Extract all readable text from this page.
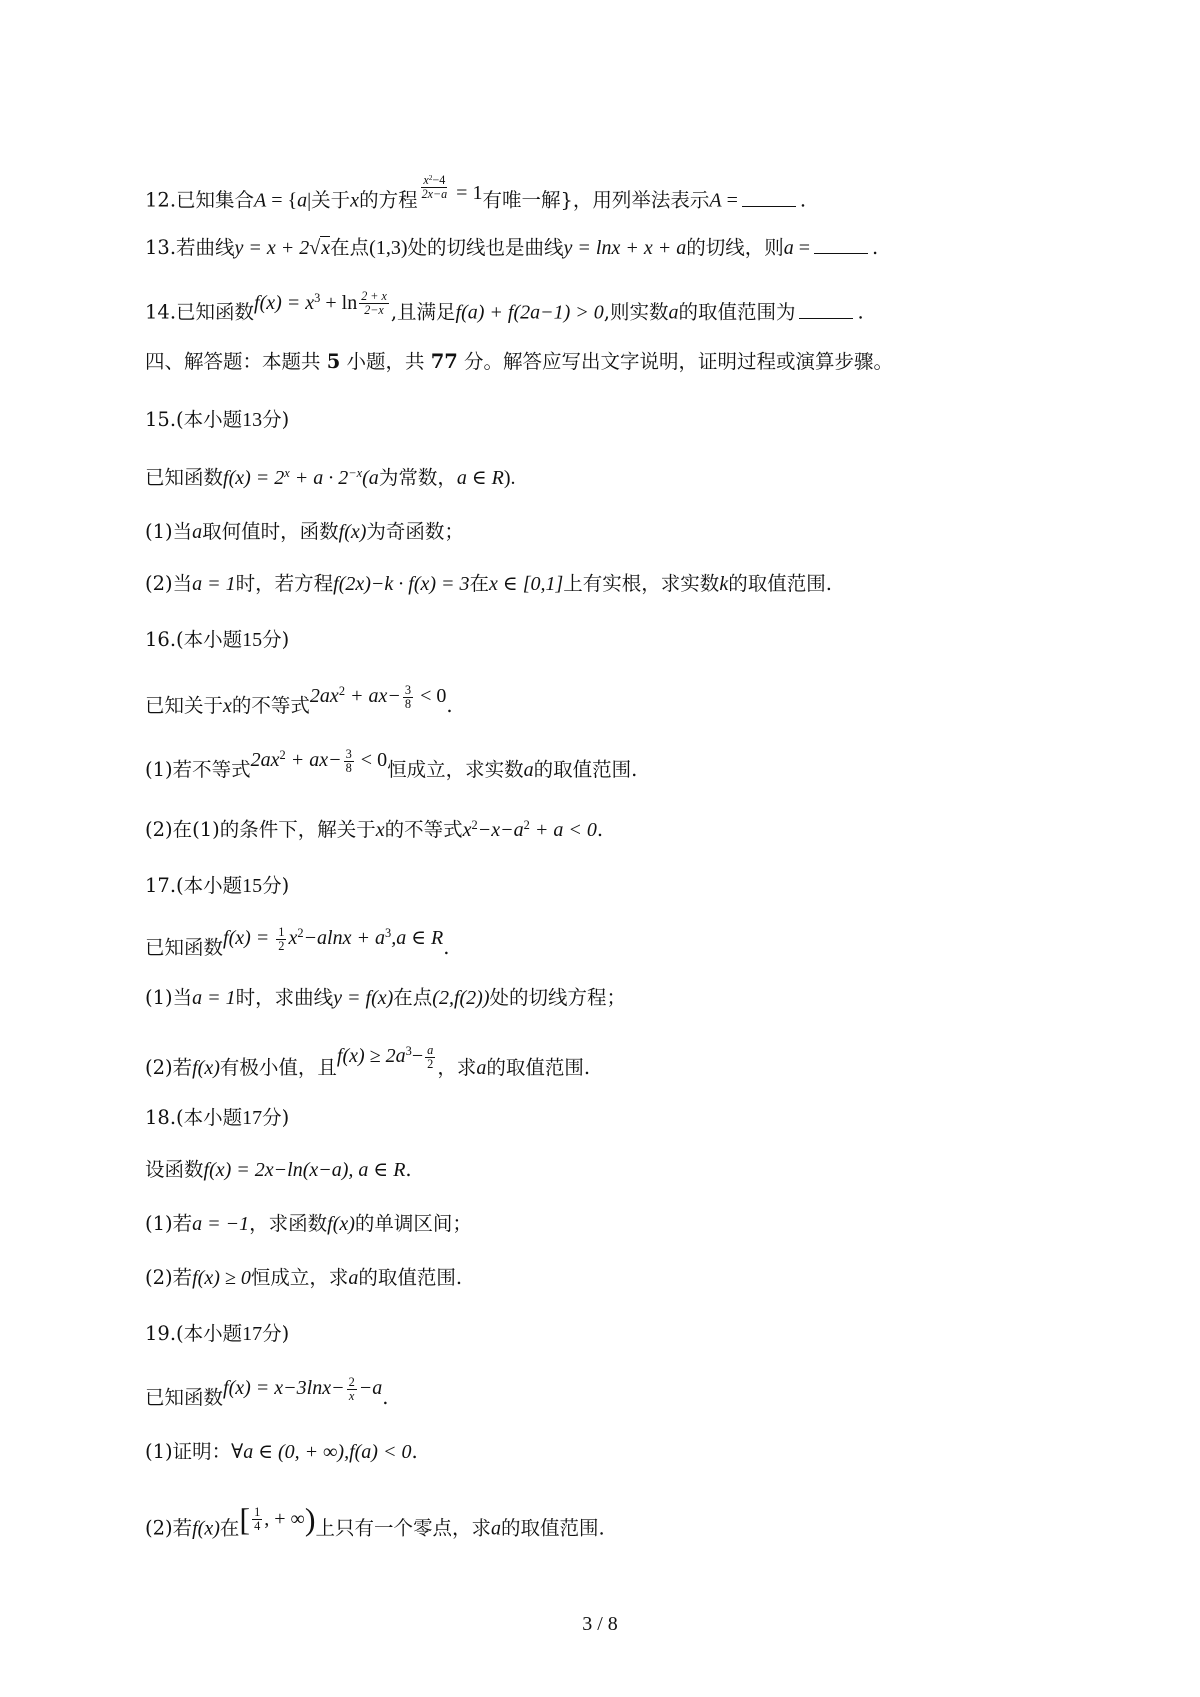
12.已知集合A = {a|关于x的方程 $\frac{x^2-4}{2x-a} = 1$有唯一解}，用列举法表示A =	.
13.若曲线y = x + 2√x在点(1,3)处的切线也是曲线y = lnx + x + a的切线，则a =	.
14.已知函数$f(x) = x^3 + \ln \frac{2 + x}{2-x}$ ,且满足f(a) + f(2a−1) > 0,则实数a的取值范围为	.
四、解答题：本题共 5 小题，共 77 分。解答应写出文字说明，证明过程或演算步骤。
15.(本小题13分)
已知函数$f(x) = 2^x + a \cdot 2^{-x}(a$为常数，a ∈ R).
(1)当a取何值时，函数f(x)为奇函数；
(2)当a = 1时，若方程f(2x)−k · f(x) = 3在x ∈ [0,1]上有实根，求实数k的取值范围.
16.(本小题15分)
已知关于x的不等式$2ax^2 + ax- \frac{3}{8} < 0$.
(1)若不等式$2ax^2 + ax- \frac{3}{8} < 0$恒成立，求实数a的取值范围.
(2)在(1)的条件下，解关于x的不等式$x^2-x-a^2 + a < 0$.
17.(本小题15分)
已知函数$f(x) = \frac{1}{2} x^2-alnx + a^3,a$ ∈ R.
(1)当a = 1时，求曲线y = f(x)在点(2,f(2))处的切线方程；
(2)若f(x)有极小值，且$f(x) \ge 2a^3- \frac{a}{2}$ ，求a的取值范围.
18.(本小题17分)
设函数f(x) = 2x−ln(x−a), a ∈ R.
(1)若a = −1，求函数f(x)的单调区间；
(2)若f(x) ≥ 0恒成立，求a的取值范围.
19.(本小题17分)
已知函数$f(x) = x-3\ln x- \frac{2}{x} -a$.
(1)证明：∀a ∈ (0, + ∞),f(a) < 0.
(2)若f(x)在 [ $\frac{1}{4}$ , + ∞ ) 上只有一个零点，求a的取值范围.
3 / 8
